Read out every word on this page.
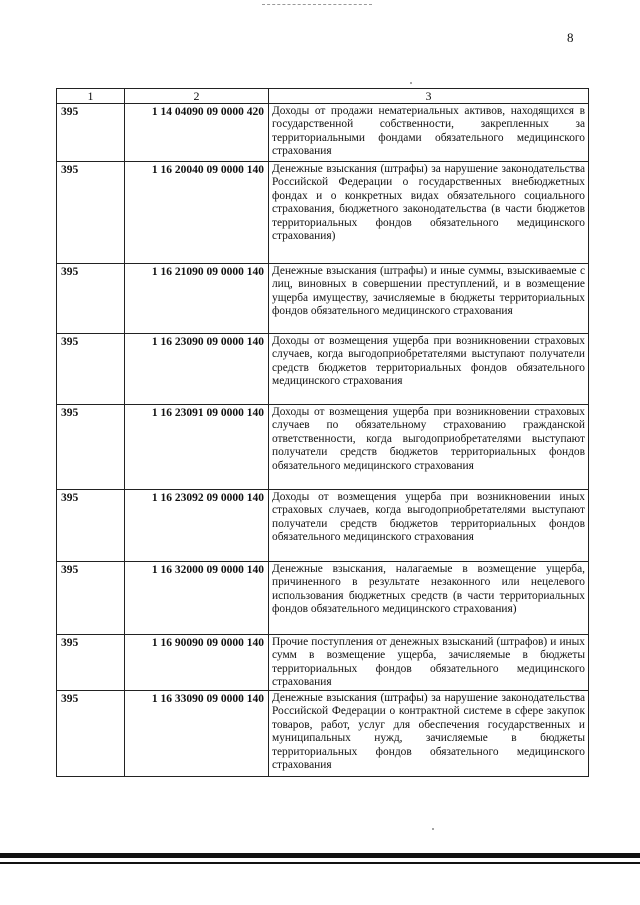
8
1	2	3
395	1 14 04090 09 0000 420	Доходы от продажи нематериальных активов, находящихся в государственной собственности, закрепленных за территориальными фондами обязательного медицинского страхования

395	1 16 20040 09 0000 140	Денежные взыскания (штрафы) за нарушение законодательства Российской Федерации о государственных внебюджетных фондах и о конкретных видах обязательного социального страхования, бюджетного законодательства (в части бюджетов территориальных фондов обязательного медицинского страхования)

395	1 16 21090 09 0000 140	Денежные взыскания (штрафы) и иные суммы, взыскиваемые с лиц, виновных в совершении преступлений, и в возмещение ущерба имуществу, зачисляемые в бюджеты территориальных фондов обязательного медицинского страхования

395	1 16 23090 09 0000 140	Доходы от возмещения ущерба при возникновении страховых случаев, когда выгодоприобретателями выступают получатели средств бюджетов территориальных фондов обязательного медицинского страхования

395	1 16 23091 09 0000 140	Доходы от возмещения ущерба при возникновении страховых случаев по обязательному страхованию гражданской ответственности, когда выгодоприобретателями выступают получатели средств бюджетов территориальных фондов обязательного медицинского страхования

395	1 16 23092 09 0000 140	Доходы от возмещения ущерба при возникновении иных страховых случаев, когда выгодоприобретателями выступают получатели средств бюджетов территориальных фондов обязательного медицинского страхования

395	1 16 32000 09 0000 140	Денежные взыскания, налагаемые в возмещение ущерба, причиненного в результате незаконного или нецелевого использования бюджетных средств (в части территориальных фондов обязательного медицинского страхования)

395	1 16 90090 09 0000 140	Прочие поступления от денежных взысканий (штрафов) и иных сумм в возмещение ущерба, зачисляемые в бюджеты территориальных фондов обязательного медицинского страхования

395	1 16 33090 09 0000 140	Денежные взыскания (штрафы) за нарушение законодательства Российской Федерации о контрактной системе в сфере закупок товаров, работ, услуг для обеспечения государственных и муниципальных нужд, зачисляемые в бюджеты территориальных фондов обязательного медицинского страхования
